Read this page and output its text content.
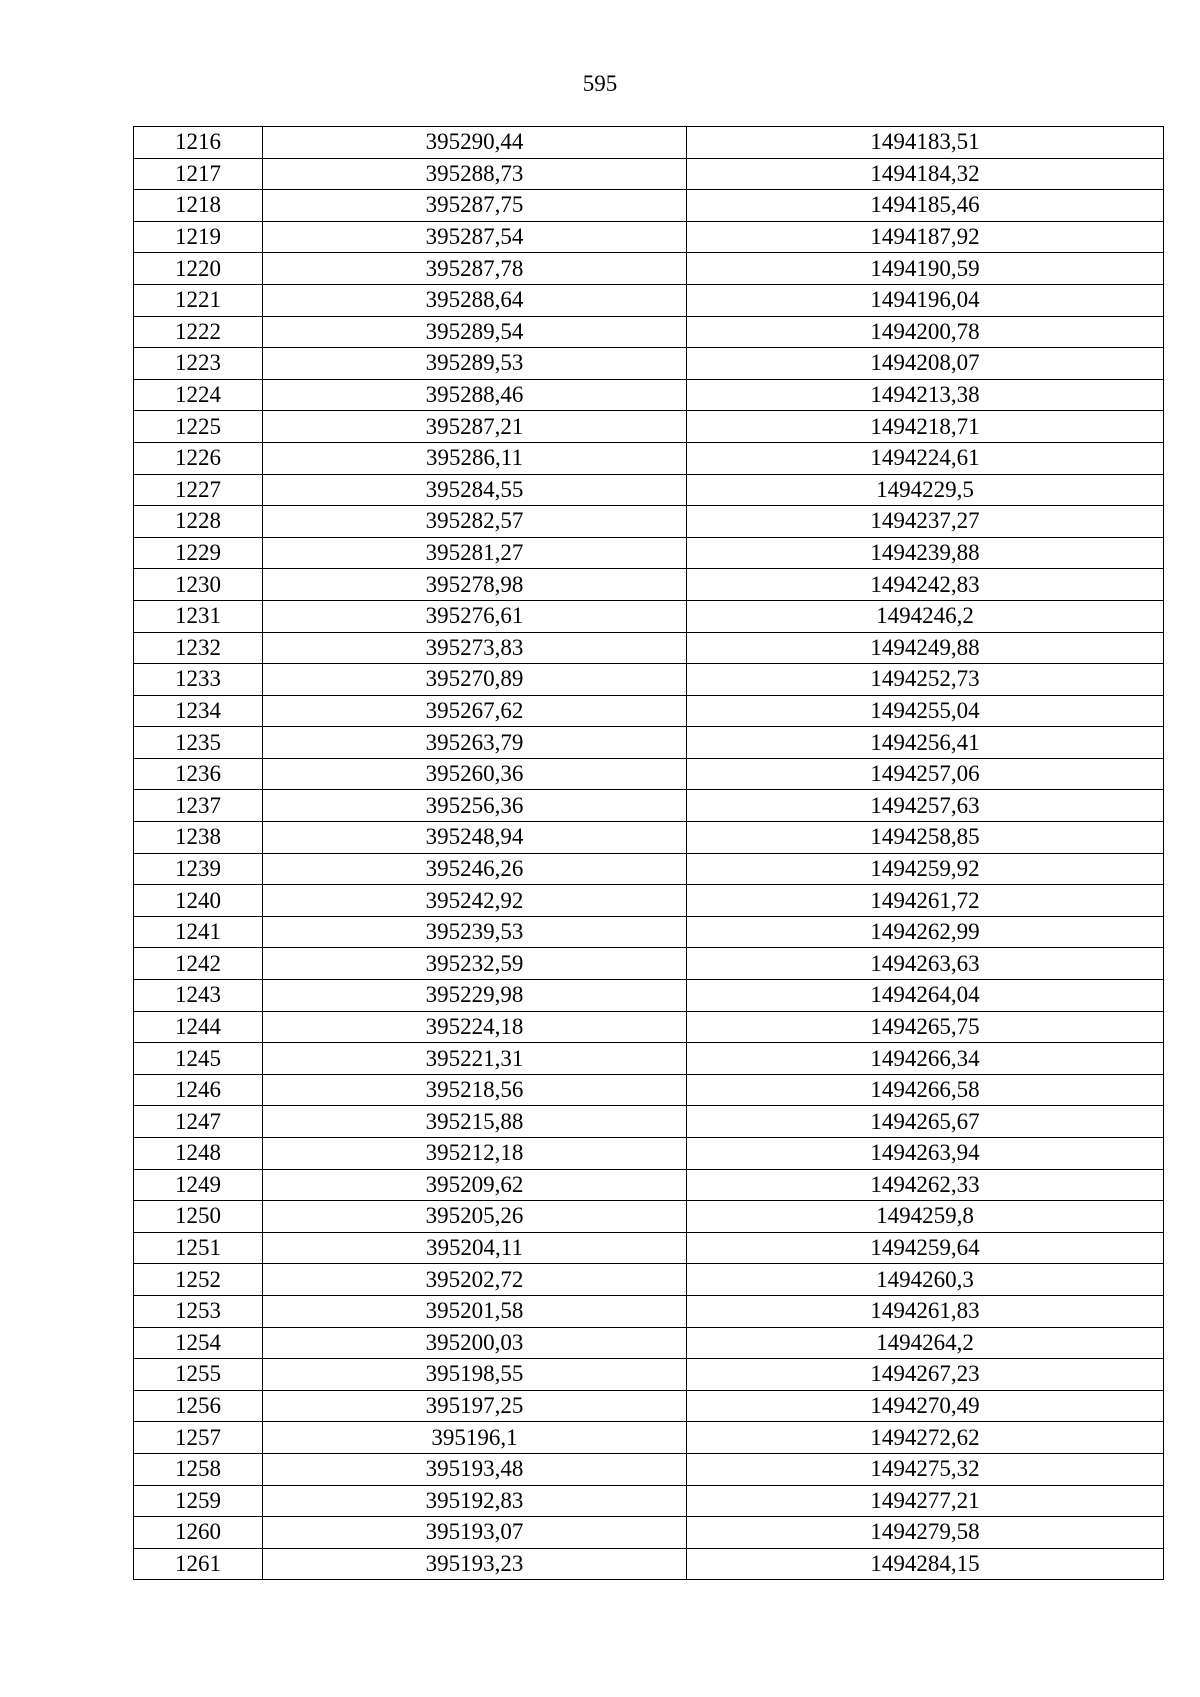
595
1216	395290,44	1494183,51
1217	395288,73	1494184,32
1218	395287,75	1494185,46
1219	395287,54	1494187,92
1220	395287,78	1494190,59
1221	395288,64	1494196,04
1222	395289,54	1494200,78
1223	395289,53	1494208,07
1224	395288,46	1494213,38
1225	395287,21	1494218,71
1226	395286,11	1494224,61
1227	395284,55	1494229,5
1228	395282,57	1494237,27
1229	395281,27	1494239,88
1230	395278,98	1494242,83
1231	395276,61	1494246,2
1232	395273,83	1494249,88
1233	395270,89	1494252,73
1234	395267,62	1494255,04
1235	395263,79	1494256,41
1236	395260,36	1494257,06
1237	395256,36	1494257,63
1238	395248,94	1494258,85
1239	395246,26	1494259,92
1240	395242,92	1494261,72
1241	395239,53	1494262,99
1242	395232,59	1494263,63
1243	395229,98	1494264,04
1244	395224,18	1494265,75
1245	395221,31	1494266,34
1246	395218,56	1494266,58
1247	395215,88	1494265,67
1248	395212,18	1494263,94
1249	395209,62	1494262,33
1250	395205,26	1494259,8
1251	395204,11	1494259,64
1252	395202,72	1494260,3
1253	395201,58	1494261,83
1254	395200,03	1494264,2
1255	395198,55	1494267,23
1256	395197,25	1494270,49
1257	395196,1	1494272,62
1258	395193,48	1494275,32
1259	395192,83	1494277,21
1260	395193,07	1494279,58
1261	395193,23	1494284,15
